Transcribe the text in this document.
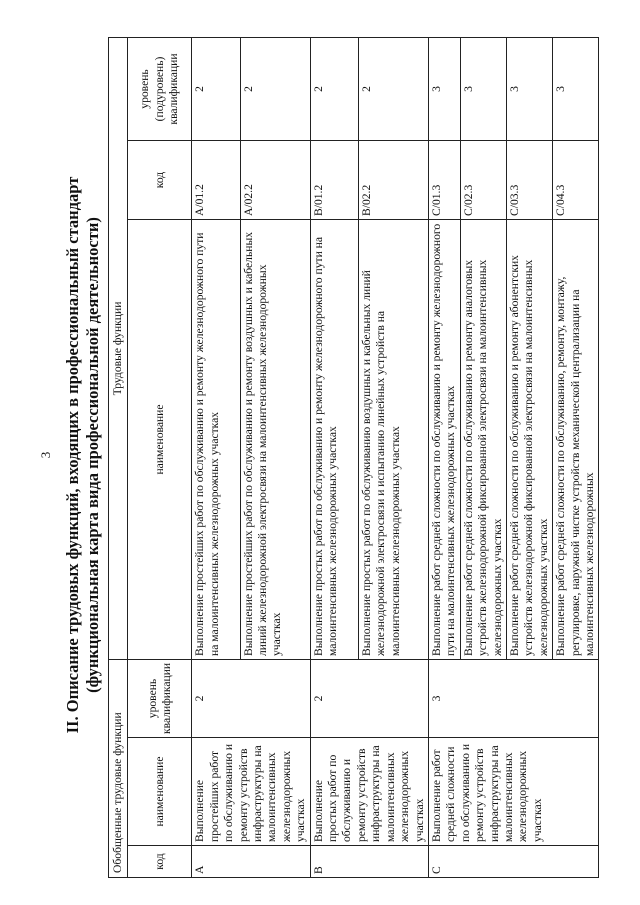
3 II. Описание трудовых функций, входящих в профессиональный стандарт (функциональная карта вида профессиональной деятельности)
Обобщенные трудовые функции			Трудовые функции		
код	наименование	уровень квалификации	наименование	код	уровень (подуровень) квалификации
A	Выполнение простейших работ по обслуживанию и ремонту устройств инфраструктуры на малоинтенсивных железнодорожных участках	2	Выполнение простейших работ по обслуживанию и ремонту железнодорожного пути на малоинтенсивных железнодорожных участках	A/01.2	2
			Выполнение простейших работ по обслуживанию и ремонту воздушных и кабельных линий железнодорожной электросвязи на малоинтенсивных железнодорожных участках	A/02.2	2
B	Выполнение простых работ по обслуживанию и ремонту устройств инфраструктуры на малоинтенсивных железнодорожных участках	2	Выполнение простых работ по обслуживанию и ремонту железнодорожного пути на малоинтенсивных железнодорожных участках	B/01.2	2
			Выполнение простых работ по обслуживанию воздушных и кабельных линий железнодорожной электросвязи и испытанию линейных устройств на малоинтенсивных железнодорожных участках	B/02.2	2
C	Выполнение работ средней сложности по обслуживанию и ремонту устройств инфраструктуры на малоинтенсивных железнодорожных участках	3	Выполнение работ средней сложности по обслуживанию и ремонту железнодорожного пути на малоинтенсивных железнодорожных участках	C/01.3	3
			Выполнение работ средней сложности по обслуживанию и ремонту аналоговых устройств железнодорожной фиксированной электросвязи на малоинтенсивных железнодорожных участках	C/02.3	3
			Выполнение работ средней сложности по обслуживанию и ремонту абонентских устройств железнодорожной фиксированной электросвязи на малоинтенсивных железнодорожных участках	C/03.3	3

			Выполнение работ средней сложности по обслуживанию, ремонту, монтажу, регулировке, наружной чистке устройств механической централизации на малоинтенсивных железнодорожных	C/04.3	3
